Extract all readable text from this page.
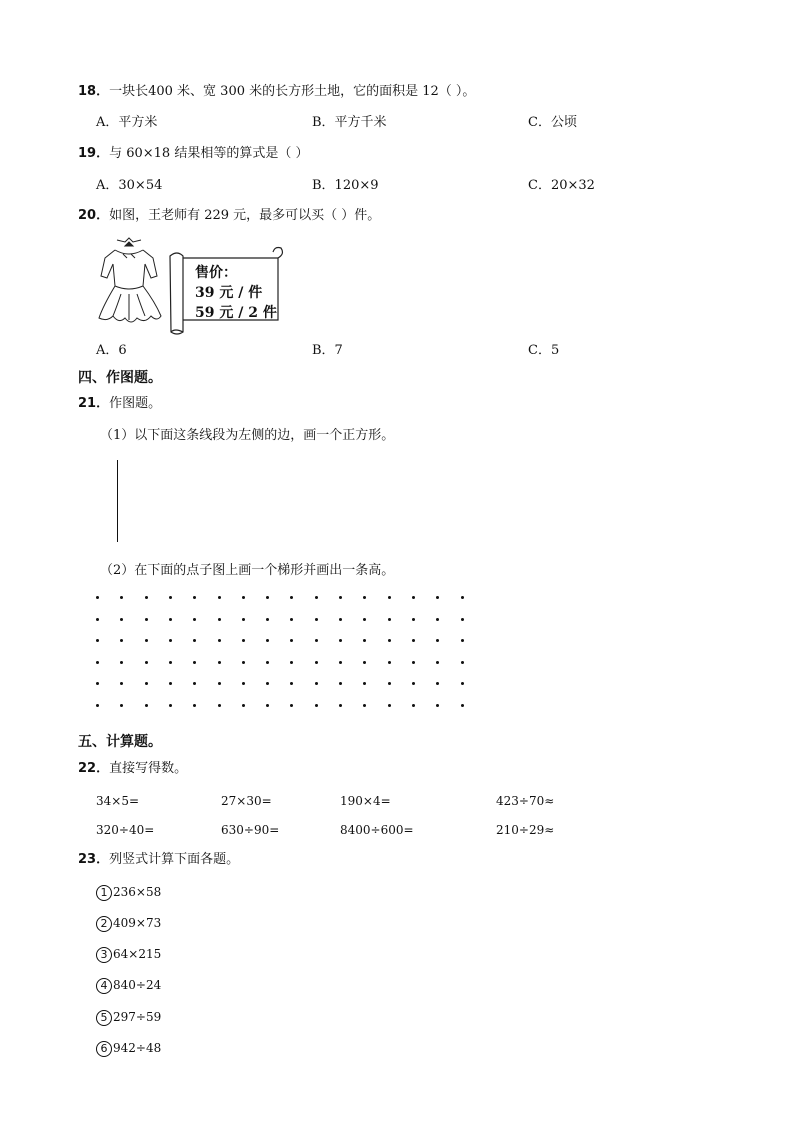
18．一块长400 米、宽 300 米的长方形土地，它的面积是 12（ ）。
A．平方米	B．平方千米	C．公顷
19．与 60×18 结果相等的算式是（ ）
A．30×54	B．120×9	C．20×32
20．如图，王老师有 229 元，最多可以买（ ）件。
售价：
39 元 / 件
59 元 / 2 件
A．6	B．7	C．5
四、作图题。
21．作图题。
（1）以下面这条线段为左侧的边，画一个正方形。
（2）在下面的点子图上画一个梯形并画出一条高。
五、计算题。
22．直接写得数。
34×5=	27×30=	190×4=	423÷70≈
320÷40=	630÷90=	8400÷600=	210÷29≈
23．列竖式计算下面各题。
1 236×58
2 409×73
3 64×215
4 840÷24
5 297÷59
6 942÷48
